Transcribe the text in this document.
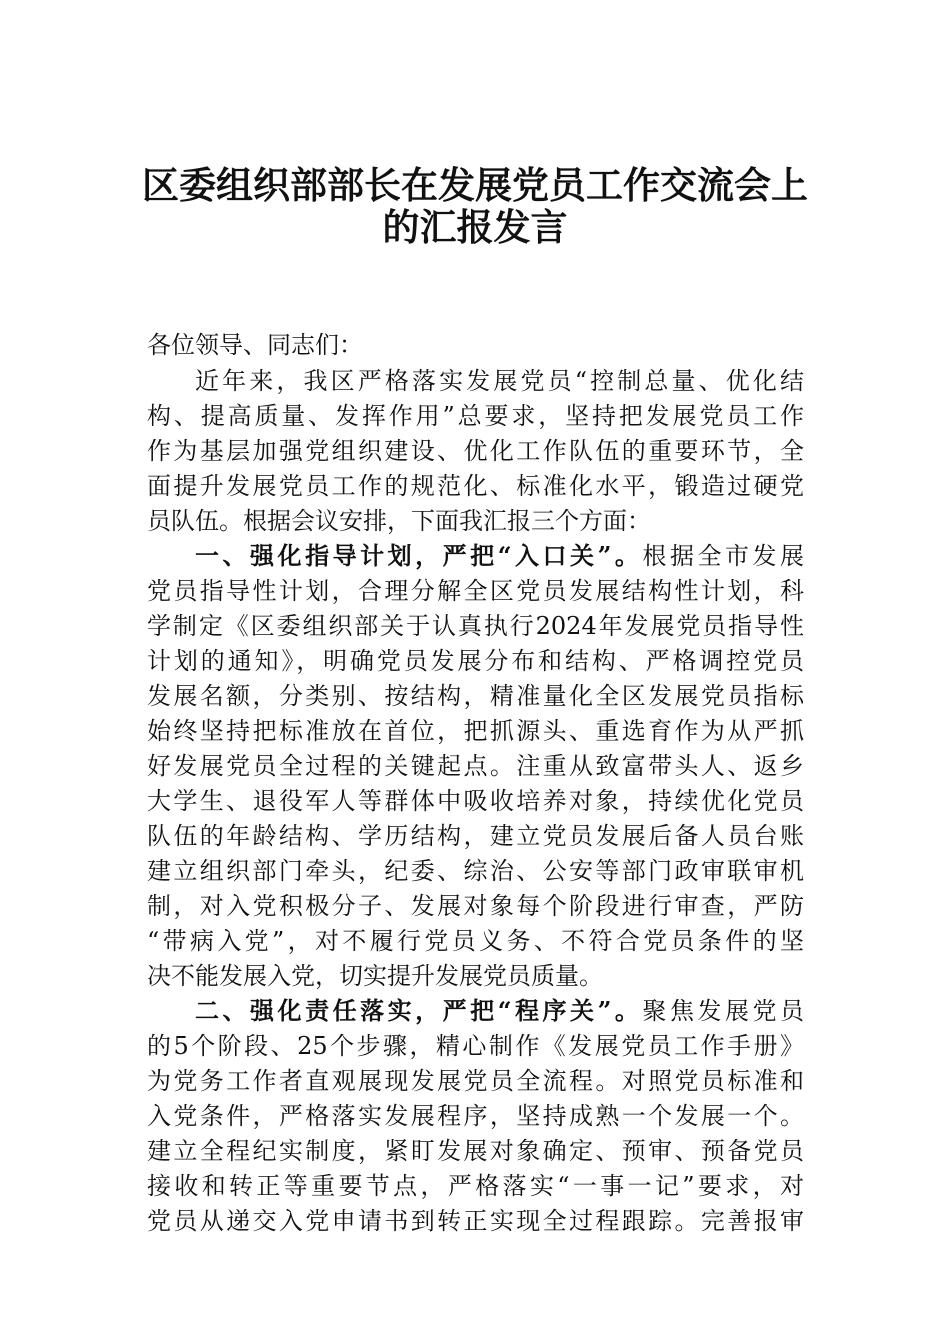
区委组织部部长在发展党员工作交流会上
的汇报发言
各位领导、同志们：
近年来，我区严格落实发展党员“控制总量、优化结
构、提高质量、发挥作用”总要求，坚持把发展党员工作
作为基层加强党组织建设、优化工作队伍的重要环节，全
面提升发展党员工作的规范化、标准化水平，锻造过硬党
员队伍。根据会议安排，下面我汇报三个方面：
一、强化指导计划，严把“入口关”。根据全市发展
党员指导性计划，合理分解全区党员发展结构性计划，科
学制定《区委组织部关于认真执行2024年发展党员指导性
计划的通知》，明确党员发展分布和结构、严格调控党员
发展名额，分类别、按结构，精准量化全区发展党员指标
始终坚持把标准放在首位，把抓源头、重选育作为从严抓
好发展党员全过程的关键起点。注重从致富带头人、返乡
大学生、退役军人等群体中吸收培养对象，持续优化党员
队伍的年龄结构、学历结构，建立党员发展后备人员台账
建立组织部门牵头，纪委、综治、公安等部门政审联审机
制，对入党积极分子、发展对象每个阶段进行审查，严防
“带病入党”，对不履行党员义务、不符合党员条件的坚
决不能发展入党，切实提升发展党员质量。
二、强化责任落实，严把“程序关”。聚焦发展党员
的5个阶段、25个步骤，精心制作《发展党员工作手册》
为党务工作者直观展现发展党员全流程。对照党员标准和
入党条件，严格落实发展程序，坚持成熟一个发展一个。
建立全程纪实制度，紧盯发展对象确定、预审、预备党员
接收和转正等重要节点，严格落实“一事一记”要求，对
党员从递交入党申请书到转正实现全过程跟踪。完善报审
